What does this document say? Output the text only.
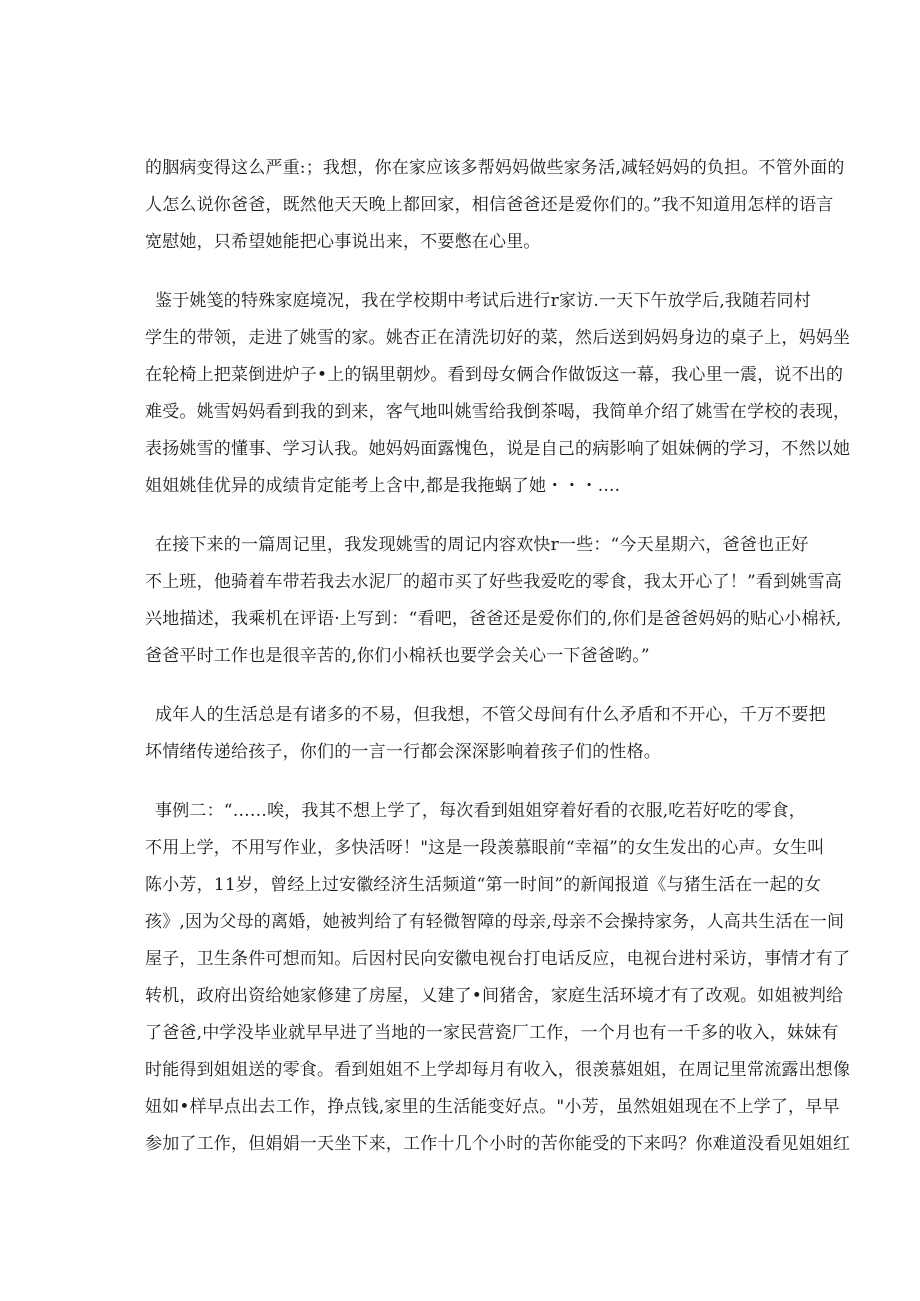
的胭病变得这么严重:；我想，你在家应该多帮妈妈做些家务活,减轻妈妈的负担。不管外面的
人怎么说你爸爸，既然他天天晚上都回家，相信爸爸还是爱你们的。”我不知道用怎样的语言
宽慰她，只希望她能把心事说出来，不要憋在心里。

鉴于姚笺的特殊家庭境况，我在学校期中考试后进行r家访.一天下午放学后,我随若同村
学生的带领，走进了姚雪的家。姚杏正在清洗切好的菜，然后送到妈妈身边的桌子上，妈妈坐
在轮椅上把菜倒进炉子•上的锅里朝炒。看到母女俩合作做饭这一幕，我心里一震，说不出的
难受。姚雪妈妈看到我的到来，客气地叫姚雪给我倒茶喝，我简单介绍了姚雪在学校的表现，
表扬姚雪的懂事、学习认我。她妈妈面露愧色，说是自己的病影响了姐妹俩的学习，不然以她
姐姐姚佳优异的成绩肯定能考上含中,都是我拖蜗了她・・・....

在接下来的一篇周记里，我发现姚雪的周记内容欢快r一些：“今天星期六，爸爸也正好
不上班，他骑着车带若我去水泥厂的超市买了好些我爱吃的零食，我太开心了！”看到姚雪高
兴地描述，我乘机在评语·上写到：“看吧，爸爸还是爱你们的,你们是爸爸妈妈的贴心小棉袄,
爸爸平时工作也是很辛苦的,你们小棉袄也要学会关心一下爸爸哟。”

成年人的生活总是有诸多的不易，但我想，不管父母间有什么矛盾和不开心，千万不要把
坏情绪传递给孩子，你们的一言一行都会深深影响着孩子们的性格。

事例二：“……唉，我其不想上学了，每次看到姐姐穿着好看的衣服,吃若好吃的零食，
不用上学，不用写作业，多快活呀！"这是一段羡慕眼前“幸福”的女生发出的心声。女生叫
陈小芳，11岁，曾经上过安徽经济生活频道“第一时间”的新闻报道《与猪生活在一起的女
孩》,因为父母的离婚，她被判给了有轻微智障的母亲,母亲不会操持家务，人高共生活在一间
屋子，卫生条件可想而知。后因村民向安徽电视台打电话反应，电视台进村采访，事情才有了
转机，政府出资给她家修建了房屋，乂建了•间猪舍，家庭生活环境才有了改观。如姐被判给
了爸爸,中学没毕业就早早进了当地的一家民营瓷厂工作，一个月也有一千多的收入，妹妹有
时能得到姐姐送的零食。看到姐姐不上学却每月有收入，很羡慕姐姐，在周记里常流露出想像
妞如•样早点出去工作，挣点钱,家里的生活能变好点。"小芳，虽然姐姐现在不上学了，早早
参加了工作，但娟娟一天坐下来，工作十几个小时的苦你能受的下来吗？你难道没看见姐姐红
